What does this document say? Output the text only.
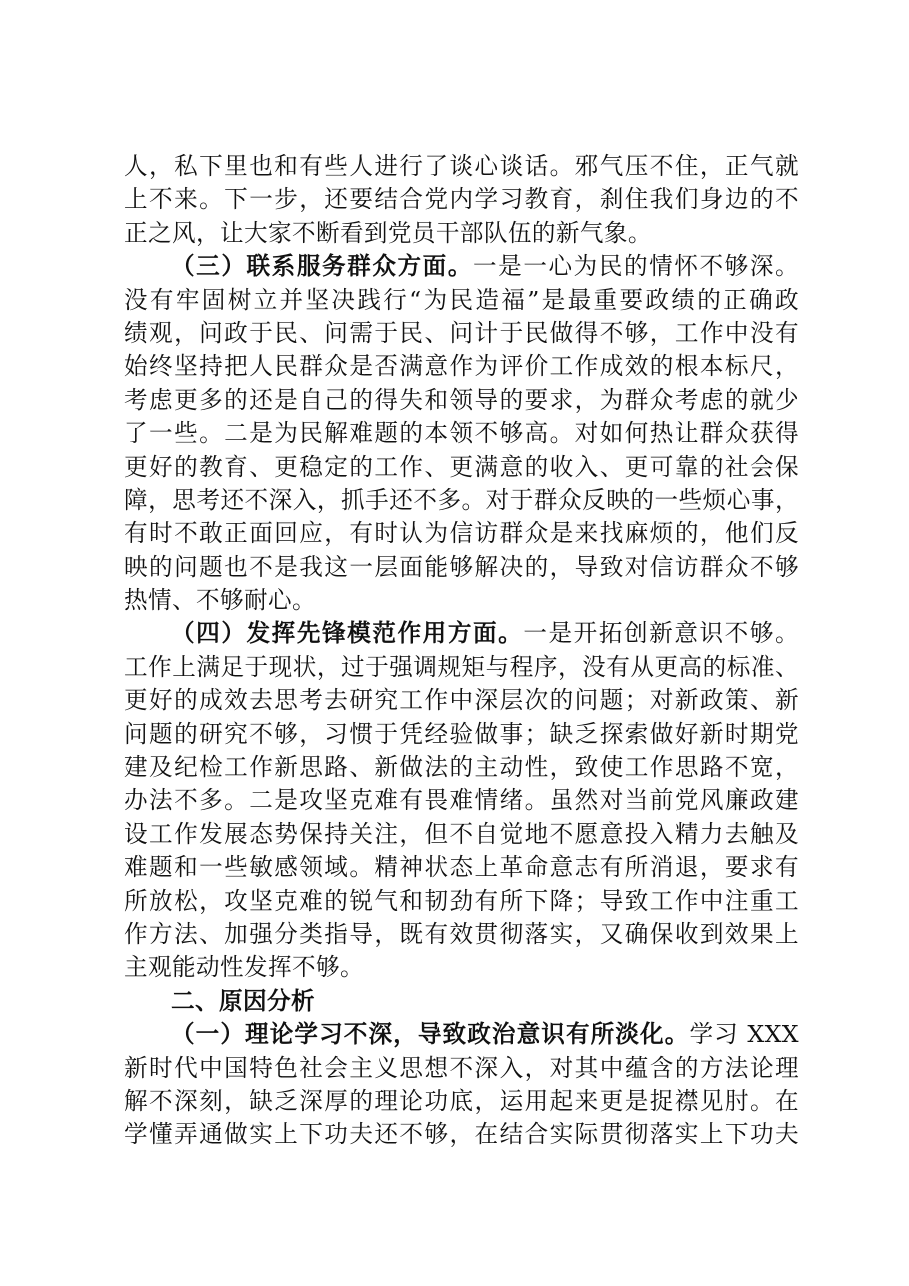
人，私下里也和有些人进行了谈心谈话。邪气压不住，正气就
上不来。下一步，还要结合党内学习教育，刹住我们身边的不
正之风，让大家不断看到党员干部队伍的新气象。
（三）联系服务群众方面。一是一心为民的情怀不够深。
没有牢固树立并坚决践行“为民造福”是最重要政绩的正确政
绩观，问政于民、问需于民、问计于民做得不够，工作中没有
始终坚持把人民群众是否满意作为评价工作成效的根本标尺，
考虑更多的还是自己的得失和领导的要求，为群众考虑的就少
了一些。二是为民解难题的本领不够高。对如何热让群众获得
更好的教育、更稳定的工作、更满意的收入、更可靠的社会保
障，思考还不深入，抓手还不多。对于群众反映的一些烦心事，
有时不敢正面回应，有时认为信访群众是来找麻烦的，他们反
映的问题也不是我这一层面能够解决的，导致对信访群众不够
热情、不够耐心。
（四）发挥先锋模范作用方面。一是开拓创新意识不够。
工作上满足于现状，过于强调规矩与程序，没有从更高的标准、
更好的成效去思考去研究工作中深层次的问题；对新政策、新
问题的研究不够，习惯于凭经验做事；缺乏探索做好新时期党
建及纪检工作新思路、新做法的主动性，致使工作思路不宽，
办法不多。二是攻坚克难有畏难情绪。虽然对当前党风廉政建
设工作发展态势保持关注，但不自觉地不愿意投入精力去触及
难题和一些敏感领域。精神状态上革命意志有所消退，要求有
所放松，攻坚克难的锐气和韧劲有所下降；导致工作中注重工
作方法、加强分类指导，既有效贯彻落实，又确保收到效果上
主观能动性发挥不够。
二、原因分析
（一）理论学习不深，导致政治意识有所淡化。学习 XXX
新时代中国特色社会主义思想不深入，对其中蕴含的方法论理
解不深刻，缺乏深厚的理论功底，运用起来更是捉襟见肘。在
学懂弄通做实上下功夫还不够，在结合实际贯彻落实上下功夫
